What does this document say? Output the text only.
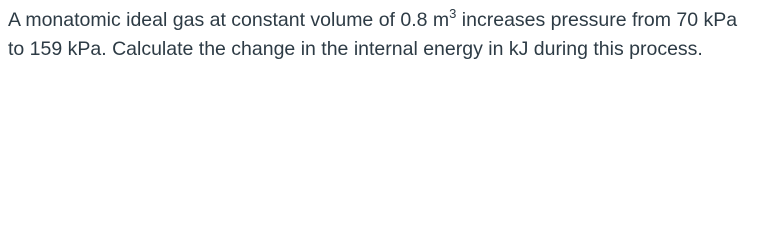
A monatomic ideal gas at constant volume of 0.8 $m^3$ increases pressure from 70 kPa to 159 kPa. Calculate the change in the internal energy in kJ during this process.
